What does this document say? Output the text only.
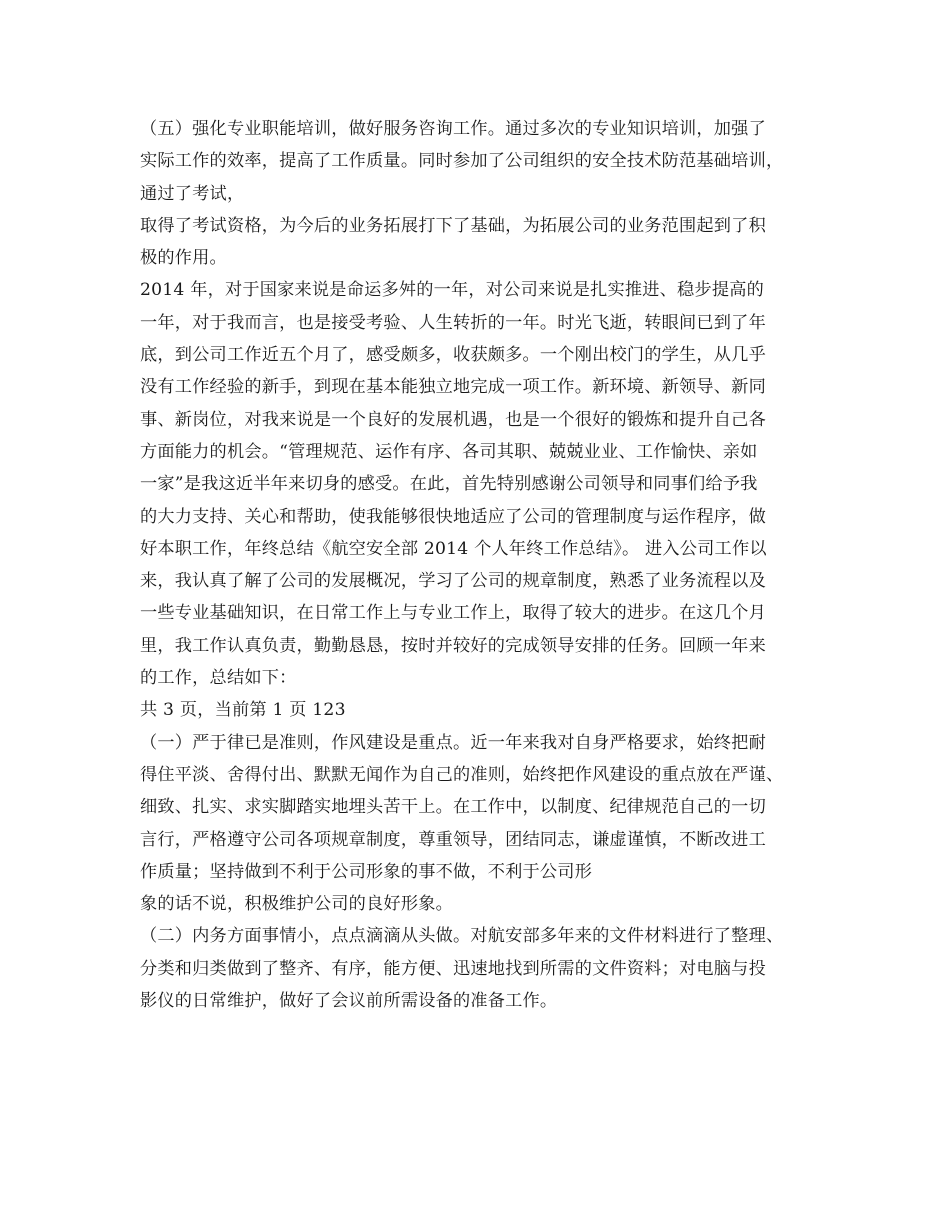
（五）强化专业职能培训，做好服务咨询工作。通过多次的专业知识培训，加强了
实际工作的效率，提高了工作质量。同时参加了公司组织的安全技术防范基础培训，
通过了考试，
取得了考试资格，为今后的业务拓展打下了基础，为拓展公司的业务范围起到了积
极的作用。
2014 年，对于国家来说是命运多舛的一年，对公司来说是扎实推进、稳步提高的
一年，对于我而言，也是接受考验、人生转折的一年。时光飞逝，转眼间已到了年
底，到公司工作近五个月了，感受颇多，收获颇多。一个刚出校门的学生，从几乎
没有工作经验的新手，到现在基本能独立地完成一项工作。新环境、新领导、新同
事、新岗位，对我来说是一个良好的发展机遇，也是一个很好的锻炼和提升自己各
方面能力的机会。“管理规范、运作有序、各司其职、兢兢业业、工作愉快、亲如
一家”是我这近半年来切身的感受。在此，首先特别感谢公司领导和同事们给予我
的大力支持、关心和帮助，使我能够很快地适应了公司的管理制度与运作程序，做
好本职工作，年终总结《航空安全部 2014 个人年终工作总结》。 进入公司工作以
来，我认真了解了公司的发展概况，学习了公司的规章制度，熟悉了业务流程以及
一些专业基础知识，在日常工作上与专业工作上，取得了较大的进步。在这几个月
里，我工作认真负责，勤勤恳恳，按时并较好的完成领导安排的任务。回顾一年来
的工作，总结如下：
共 3 页，当前第 1 页 123
（一）严于律已是准则，作风建设是重点。近一年来我对自身严格要求，始终把耐
得住平淡、舍得付出、默默无闻作为自己的准则，始终把作风建设的重点放在严谨、
细致、扎实、求实脚踏实地埋头苦干上。在工作中，以制度、纪律规范自己的一切
言行，严格遵守公司各项规章制度，尊重领导，团结同志，谦虚谨慎，不断改进工
作质量；坚持做到不利于公司形象的事不做，不利于公司形
象的话不说，积极维护公司的良好形象。
（二）内务方面事情小，点点滴滴从头做。对航安部多年来的文件材料进行了整理、
分类和归类做到了整齐、有序，能方便、迅速地找到所需的文件资料；对电脑与投
影仪的日常维护，做好了会议前所需设备的准备工作。
